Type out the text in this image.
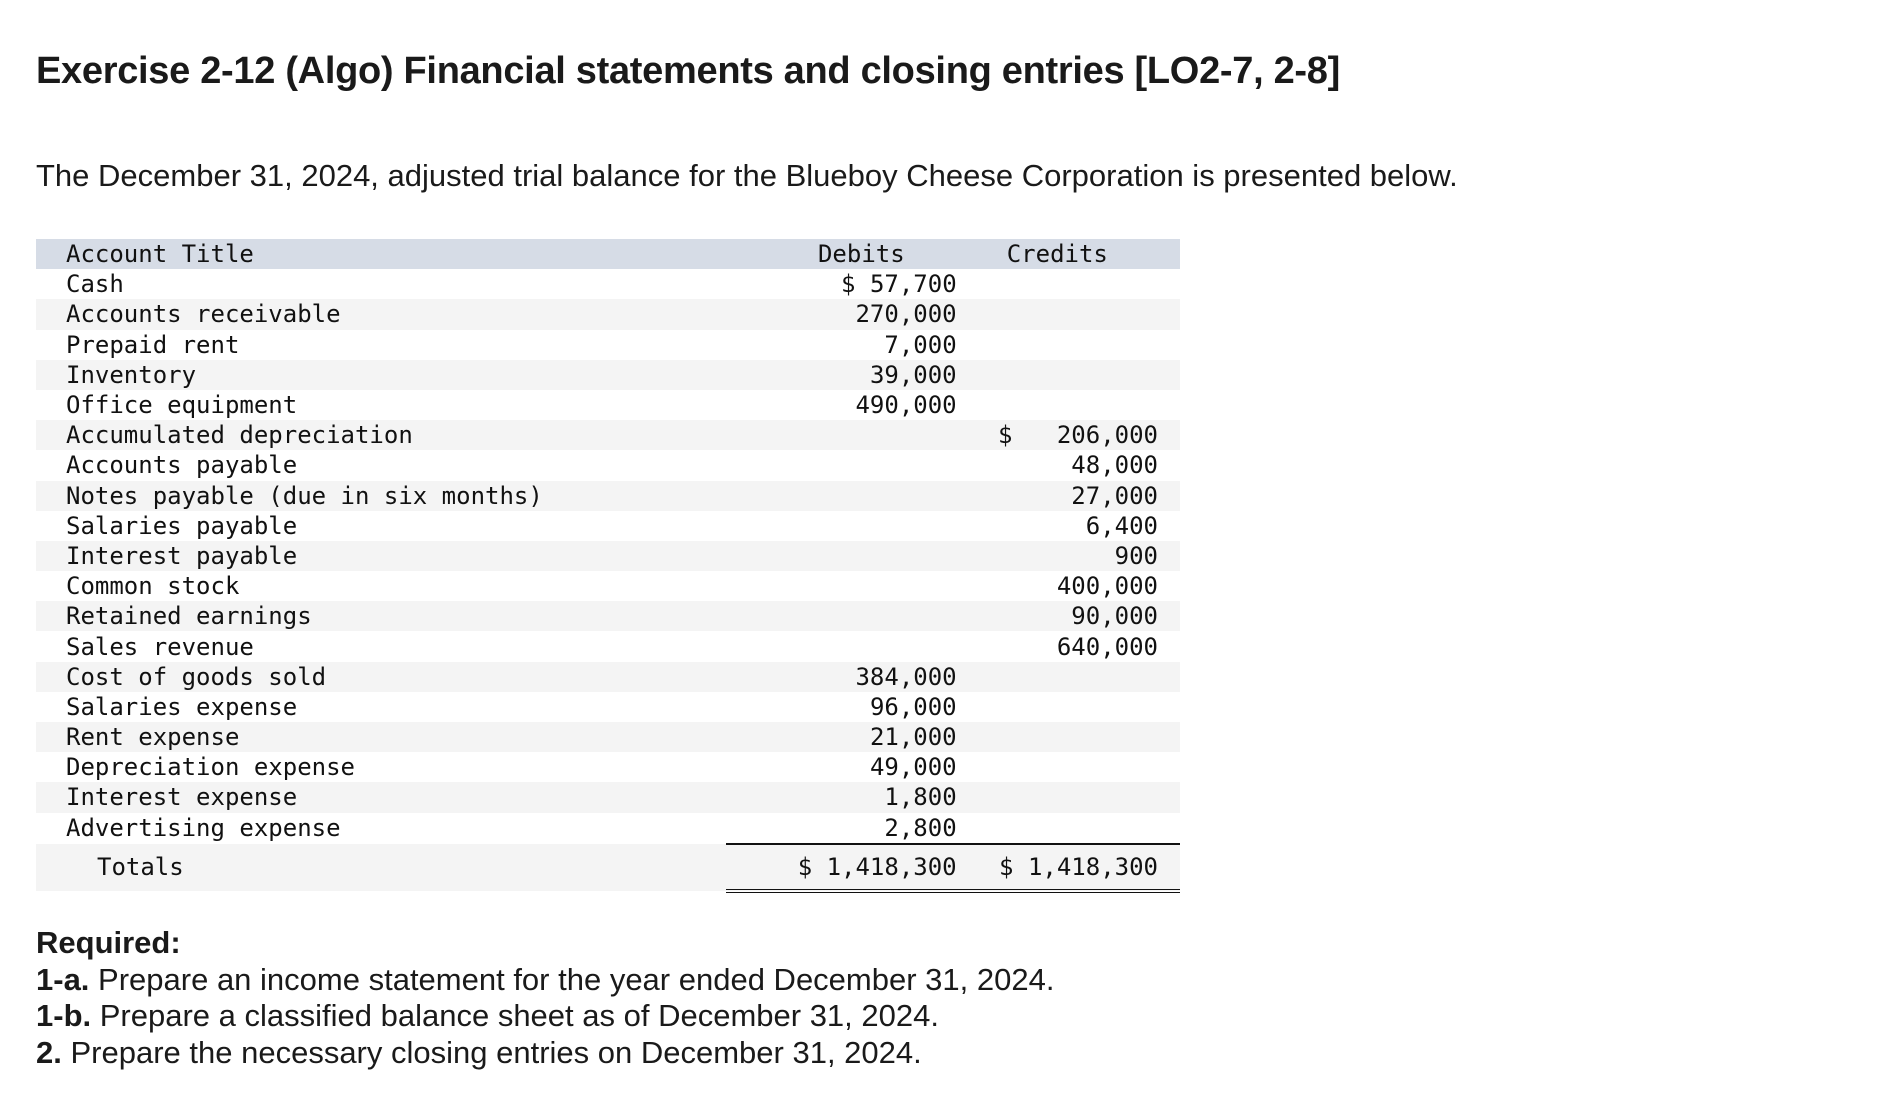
Exercise 2-12 (Algo) Financial statements and closing entries [LO2-7, 2-8]

The December 31, 2024, adjusted trial balance for the Blueboy Cheese Corporation is presented below.

Account Title	Debits	Credits
Cash	$ 57,700	
Accounts receivable	270,000	
Prepaid rent	7,000	
Inventory	39,000	
Office equipment	490,000	
Accumulated depreciation		$ 206,000
Accounts payable		48,000
Notes payable (due in six months)		27,000
Salaries payable		6,400
Interest payable		900
Common stock		400,000
Retained earnings		90,000
Sales revenue		640,000
Cost of goods sold	384,000	
Salaries expense	96,000	
Rent expense	21,000	
Depreciation expense	49,000	
Interest expense	1,800	
Advertising expense	2,800	
Totals	$ 1,418,300	$ 1,418,300

Required:

1-a. Prepare an income statement for the year ended December 31, 2024.

1-b. Prepare a classified balance sheet as of December 31, 2024.

2. Prepare the necessary closing entries on December 31, 2024.
